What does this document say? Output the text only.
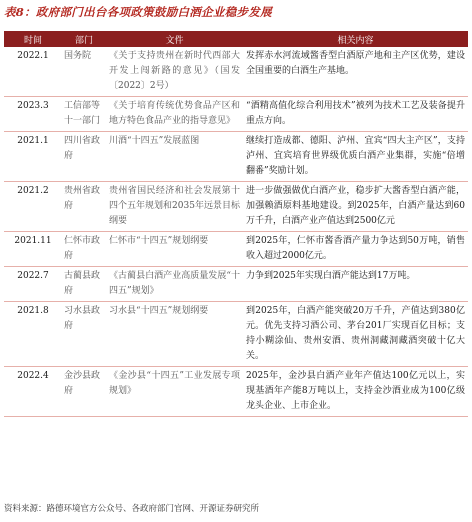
表8：政府部门出台各项政策鼓励白酒企业稳步发展
时间	部门	文件	相关内容
2022.1	国务院	《关于支持贵州在新时代西部大开发上闯新路的意见》（国发〔2022〕2号）	发挥赤水河流域酱香型白酒原产地和主产区优势，建设全国重要的白酒生产基地。
2023.3	工信部等十一部门	《关于培育传统优势食品产区和地方特色食品产业的指导意见》	“酒精高值化综合利用技术”被列为技术工艺及装备提升重点方向。
2021.1	四川省政府	川酒“十四五”发展蓝图	继续打造成都、德阳、泸州、宜宾“四大主产区”，支持泸州、宜宾培育世界级优质白酒产业集群，实施“倍增翻番”奖励计划。
2021.2	贵州省政府	贵州省国民经济和社会发展第十四个五年规划和2035年远景目标纲要	进一步做强做优白酒产业，稳步扩大酱香型白酒产能，加强赖酒原料基地建设。到2025年，白酒产量达到60万千升，白酒产业产值达到2500亿元
2021.11	仁怀市政府	仁怀市“十四五”规划纲要	到2025年，仁怀市酱香酒产量力争达到50万吨，销售收入超过2000亿元。
2022.7	古蔺县政府	《古蔺县白酒产业高质量发展“十四五”规划》	力争到2025年实现白酒产能达到17万吨。
2021.8	习水县政府	习水县“十四五”规划纲要	到2025年，白酒产能突破20万千升，产值达到380亿元。优先支持习酒公司、茅台201厂实现百亿目标；支持小糊涂仙、贵州安酒、贵州洞藏洞藏酒突破十亿大关。
2022.4	金沙县政府	《金沙县“十四五”工业发展专项规划》	2025年，金沙县白酒产业年产值达100亿元以上，实现基酒年产能8万吨以上，支持金沙酒业成为100亿级龙头企业、上市企业。
资料来源：路德环境官方公众号、各政府部门官网、开源证券研究所
